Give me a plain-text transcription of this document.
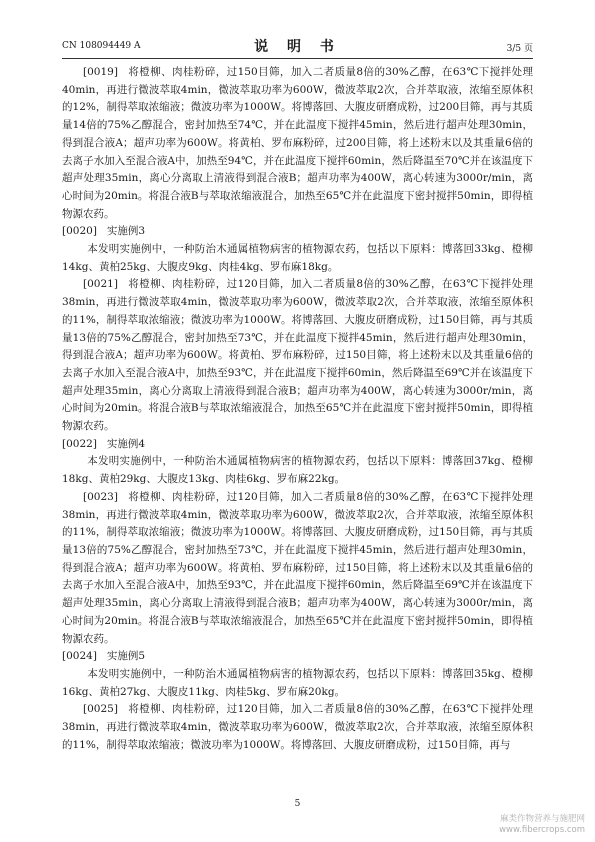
CN 108094449 A	说 明 书	3/5 页

[0019] 将橙柳、肉桂粉碎，过150目筛，加入二者质量8倍的30%乙醇，在63℃下搅拌处理40min，再进行微波萃取4min，微波萃取功率为600W，微波萃取2次，合并萃取液，浓缩至原体积的12%，制得萃取浓缩液；微波功率为1000W。将博落回、大腹皮研磨成粉，过200目筛，再与其质量14倍的75%乙醇混合，密封加热至74℃，并在此温度下搅拌45min，然后进行超声处理30min，得到混合液A；超声功率为600W。将黄柏、罗布麻粉碎，过200目筛，将上述粉末以及其重量6倍的去离子水加入至混合液A中，加热至94℃，并在此温度下搅拌60min，然后降温至70℃并在该温度下超声处理35min，离心分离取上清液得到混合液B；超声功率为400W，离心转速为3000r/min，离心时间为20min。将混合液B与萃取浓缩液混合，加热至65℃并在此温度下密封搅拌50min，即得植物源农药。

[0020] 实施例3

本发明实施例中，一种防治木通属植物病害的植物源农药，包括以下原料：博落回33kg、橙柳14kg、黄柏25kg、大腹皮9kg、肉桂4kg、罗布麻18kg。

[0021] 将橙柳、肉桂粉碎，过120目筛，加入二者质量8倍的30%乙醇，在63℃下搅拌处理38min，再进行微波萃取4min，微波萃取功率为600W，微波萃取2次，合并萃取液，浓缩至原体积的11%，制得萃取浓缩液；微波功率为1000W。将博落回、大腹皮研磨成粉，过150目筛，再与其质量13倍的75%乙醇混合，密封加热至73℃，并在此温度下搅拌45min，然后进行超声处理30min，得到混合液A；超声功率为600W。将黄柏、罗布麻粉碎，过150目筛，将上述粉末以及其重量6倍的去离子水加入至混合液A中，加热至93℃，并在此温度下搅拌60min，然后降温至69℃并在该温度下超声处理35min，离心分离取上清液得到混合液B；超声功率为400W，离心转速为3000r/min，离心时间为20min。将混合液B与萃取浓缩液混合，加热至65℃并在此温度下密封搅拌50min，即得植物源农药。

[0022] 实施例4

本发明实施例中，一种防治木通属植物病害的植物源农药，包括以下原料：博落回37kg、橙柳18kg、黄柏29kg、大腹皮13kg、肉桂6kg、罗布麻22kg。

[0023] 将橙柳、肉桂粉碎，过120目筛，加入二者质量8倍的30%乙醇，在63℃下搅拌处理38min，再进行微波萃取4min，微波萃取功率为600W，微波萃取2次，合并萃取液，浓缩至原体积的11%，制得萃取浓缩液；微波功率为1000W。将博落回、大腹皮研磨成粉，过150目筛，再与其质量13倍的75%乙醇混合，密封加热至73℃，并在此温度下搅拌45min，然后进行超声处理30min，得到混合液A；超声功率为600W。将黄柏、罗布麻粉碎，过150目筛，将上述粉末以及其重量6倍的去离子水加入至混合液A中，加热至93℃，并在此温度下搅拌60min，然后降温至69℃并在该温度下超声处理35min，离心分离取上清液得到混合液B；超声功率为400W，离心转速为3000r/min，离心时间为20min。将混合液B与萃取浓缩液混合，加热至65℃并在此温度下密封搅拌50min，即得植物源农药。

[0024] 实施例5

本发明实施例中，一种防治木通属植物病害的植物源农药，包括以下原料：博落回35kg、橙柳16kg、黄柏27kg、大腹皮11kg、肉桂5kg、罗布麻20kg。

[0025] 将橙柳、肉桂粉碎，过120目筛，加入二者质量8倍的30%乙醇，在63℃下搅拌处理38min，再进行微波萃取4min，微波萃取功率为600W，微波萃取2次，合并萃取液，浓缩至原体积的11%，制得萃取浓缩液；微波功率为1000W。将博落回、大腹皮研磨成粉，过150目筛，再与

5
麻类作物营养与施肥网
www.fibercrops.com
